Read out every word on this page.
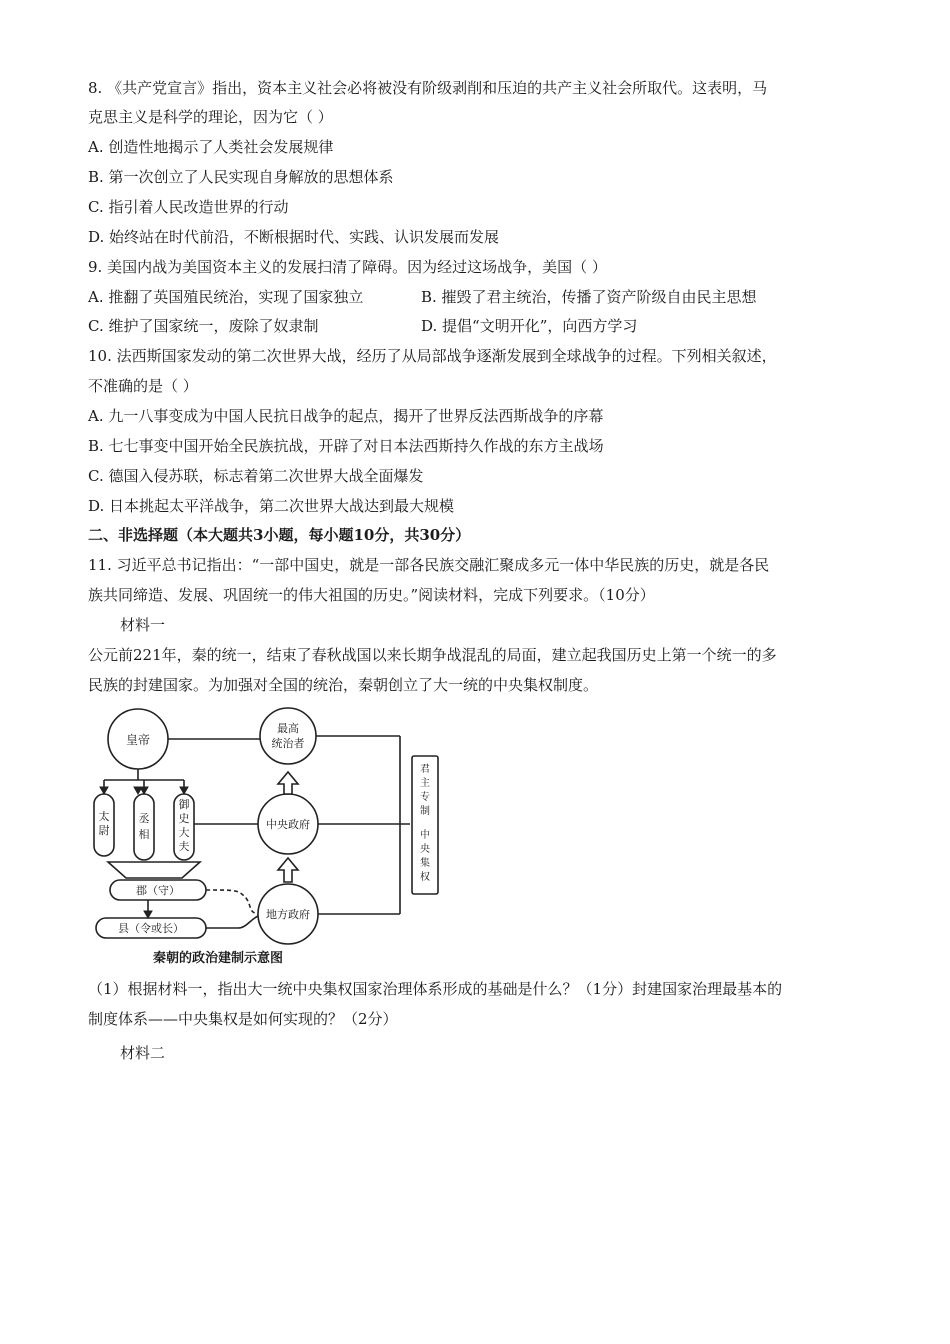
8. 《共产党宣言》指出，资本主义社会必将被没有阶级剥削和压迫的共产主义社会所取代。这表明，马
克思主义是科学的理论，因为它（ ）
A. 创造性地揭示了人类社会发展规律
B. 第一次创立了人民实现自身解放的思想体系
C. 指引着人民改造世界的行动
D. 始终站在时代前沿，不断根据时代、实践、认识发展而发展
9. 美国内战为美国资本主义的发展扫清了障碍。因为经过这场战争，美国（ ）
A. 推翻了英国殖民统治，实现了国家独立	B. 摧毁了君主统治，传播了资产阶级自由民主思想
C. 维护了国家统一，废除了奴隶制	D. 提倡“文明开化”，向西方学习
10. 法西斯国家发动的第二次世界大战，经历了从局部战争逐渐发展到全球战争的过程。下列相关叙述，
不准确的是（ ）
A. 九一八事变成为中国人民抗日战争的起点，揭开了世界反法西斯战争的序幕
B. 七七事变中国开始全民族抗战，开辟了对日本法西斯持久作战的东方主战场
C. 德国入侵苏联，标志着第二次世界大战全面爆发
D. 日本挑起太平洋战争，第二次世界大战达到最大规模
二、非选择题（本大题共3小题，每小题10分，共30分）
11. 习近平总书记指出：“一部中国史，就是一部各民族交融汇聚成多元一体中华民族的历史，就是各民
族共同缔造、发展、巩固统一的伟大祖国的历史。”阅读材料，完成下列要求。（10分）
材料一
公元前221年，秦的统一，结束了春秋战国以来长期争战混乱的局面，建立起我国历史上第一个统一的多
民族的封建国家。为加强对全国的统治，秦朝创立了大一统的中央集权制度。
皇帝
最高
统治者
中央政府
地方政府
太
尉
丞
相
御
史
大
夫
郡（守）
县（令或长）
君
主
专
制
中
央
集
权
秦朝的政治建制示意图
（1）根据材料一，指出大一统中央集权国家治理体系形成的基础是什么？（1分）封建国家治理最基本的
制度体系——中央集权是如何实现的？（2分）
材料二
